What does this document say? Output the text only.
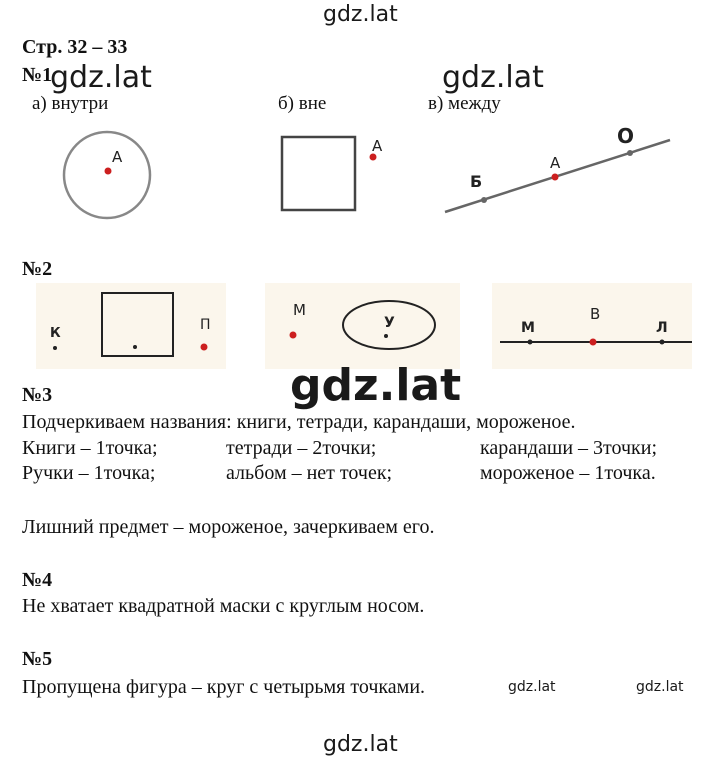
gdz.lat
Стр. 32 – 33
№1
gdz.lat	gdz.lat
а) внутри	б) вне	в) между
А
А
Б
А
О
№2
К
П
М
У	М
В
Л
gdz.lat
№3
Подчеркиваем названия: книги, тетради, карандаши, мороженое.
Книги – 1точка;	тетради – 2точки;	карандаши – 3точки;
Ручки – 1точка;	альбом – нет точек;	мороженое – 1точка.
Лишний предмет – мороженое, зачеркиваем его.
№4
Не хватает квадратной маски с круглым носом.
№5
Пропущена фигура – круг с четырьмя точками.	gdz.lat	gdz.lat
gdz.lat
